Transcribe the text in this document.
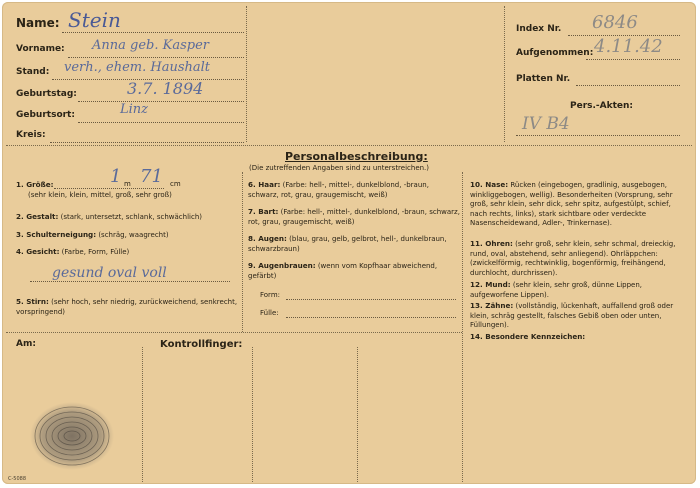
Name: Stein
Vorname: Anna geb. Kasper
Stand: verh., ehem. Haushalt
Geburtstag:	3.7. 1894
Geburtsort:	Linz
Kreis:
Index Nr. 6846
Aufgenommen: 4.11.42
Platten Nr.
Pers.-Akten:
IV B4
Personalbeschreibung:
(Die zutreffenden Angaben sind zu unterstreichen.)
1. Größe:	1 m 71 cm
(sehr klein, klein, mittel, groß, sehr groß)
2. Gestalt: (stark, untersetzt, schlank, schwächlich)
3. Schulterneigung: (schräg, waagrecht)
4. Gesicht: (Farbe, Form, Fülle)
gesund oval voll
5. Stirn: (sehr hoch, sehr niedrig, zurückweichend, senkrecht, vorspringend)
6. Haar: (Farbe: hell-, mittel-, dunkelblond, -braun, schwarz, rot, grau, graugemischt, weiß)
7. Bart: (Farbe: hell-, mittel-, dunkelblond, -braun, schwarz, rot, grau, graugemischt, weiß)
8. Augen: (blau, grau, gelb, gelbrot, hell-, dunkelbraun, schwarzbraun)
9. Augenbrauen: (wenn vom Kopfhaar abweichend, gefärbt)
Form:
Fülle:
10. Nase: Rücken (eingebogen, gradlinig, ausgebogen, winkliggebogen, wellig). Besonderheiten (Vorsprung, sehr groß, sehr klein, sehr dick, sehr spitz, aufgestülpt, schief, nach rechts, links), stark sichtbare oder verdeckte Nasenscheidewand, Adler-, Trinkernase).
11. Ohren: (sehr groß, sehr klein, sehr schmal, dreieckig, rund, oval, abstehend, sehr anliegend). Ohrläppchen: (zwickelförmig, rechtwinklig, bogenförmig, freihängend, durchlocht, durchrissen).
12. Mund: (sehr klein, sehr groß, dünne Lippen, aufgeworfene Lippen).
13. Zähne: (vollständig, lückenhaft, auffallend groß oder klein, schräg gestellt, falsches Gebiß oben oder unten, Füllungen).
14. Besondere Kennzeichen:
Am:	Kontrollfinger:
C-5088
